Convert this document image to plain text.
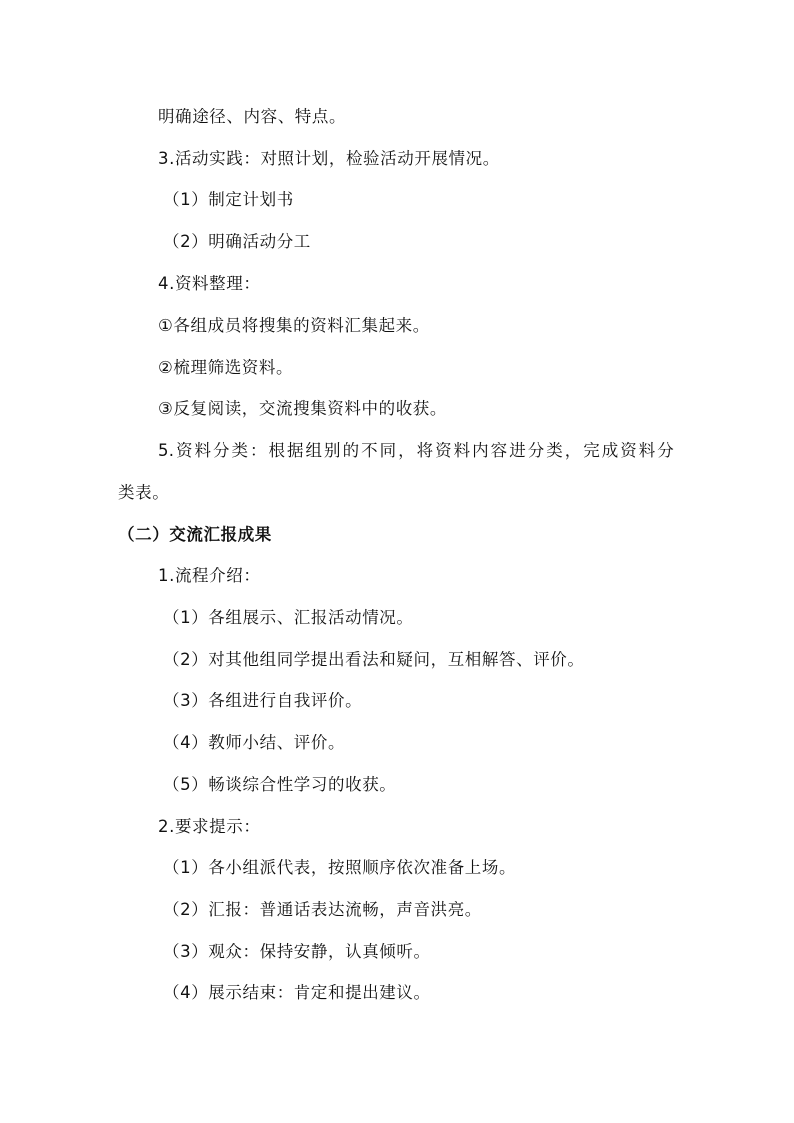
明确途径、内容、特点。
3.活动实践：对照计划，检验活动开展情况。
（1）制定计划书
（2）明确活动分工
4.资料整理：
①各组成员将搜集的资料汇集起来。
②梳理筛选资料。
③反复阅读，交流搜集资料中的收获。
5.资料分类：根据组别的不同，将资料内容进分类，完成资料分
类表。
（二）交流汇报成果
1.流程介绍：
（1）各组展示、汇报活动情况。
（2）对其他组同学提出看法和疑问，互相解答、评价。
（3）各组进行自我评价。
（4）教师小结、评价。
（5）畅谈综合性学习的收获。
2.要求提示：
（1）各小组派代表，按照顺序依次准备上场。
（2）汇报：普通话表达流畅，声音洪亮。
（3）观众：保持安静，认真倾听。
（4）展示结束：肯定和提出建议。
